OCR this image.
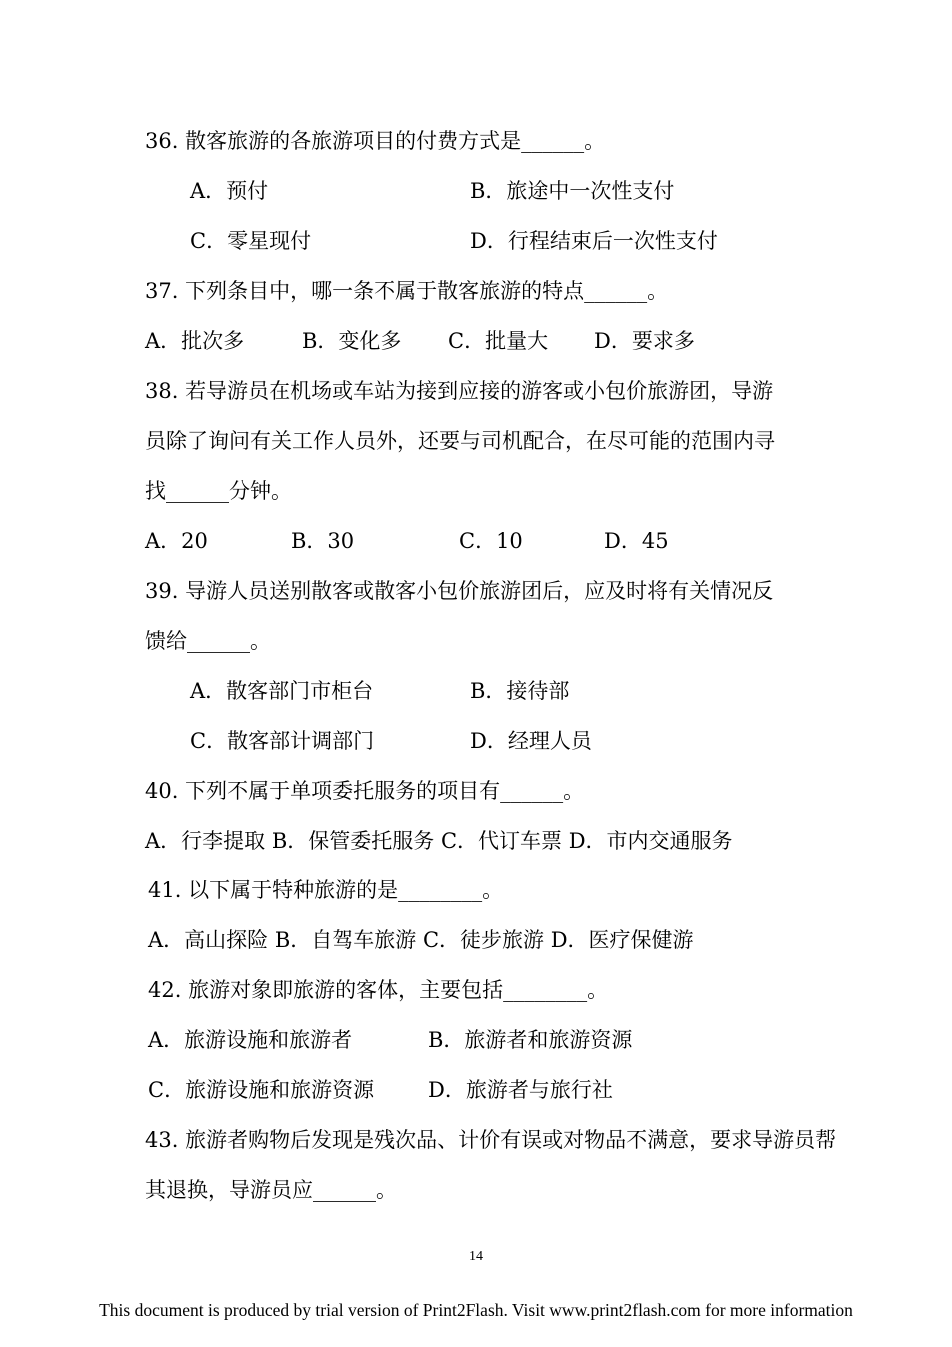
36. 散客旅游的各旅游项目的付费方式是______。
A．预付	B．旅途中一次性支付
C．零星现付	D．行程结束后一次性支付
37. 下列条目中，哪一条不属于散客旅游的特点______。
A．批次多	B．变化多 C．批量大 D．要求多
38. 若导游员在机场或车站为接到应接的游客或小包价旅游团，导游
员除了询问有关工作人员外，还要与司机配合，在尽可能的范围内寻
找______分钟。
A．20	B．30	C．10	D．45
39. 导游人员送别散客或散客小包价旅游团后，应及时将有关情况反
馈给______。
A．散客部门市柜台	B．接待部
C．散客部计调部门	D．经理人员
40. 下列不属于单项委托服务的项目有______。
A．行李提取 B．保管委托服务 C．代订车票 D．市内交通服务
41. 以下属于特种旅游的是________。
A．高山探险 B．自驾车旅游 C．徒步旅游 D．医疗保健游
42. 旅游对象即旅游的客体，主要包括________。
A．旅游设施和旅游者	B．旅游者和旅游资源
C．旅游设施和旅游资源	D．旅游者与旅行社
43. 旅游者购物后发现是残次品、计价有误或对物品不满意，要求导游员帮
其退换，导游员应______。
14
This document is produced by trial version of Print2Flash. Visit www.print2flash.com for more information
